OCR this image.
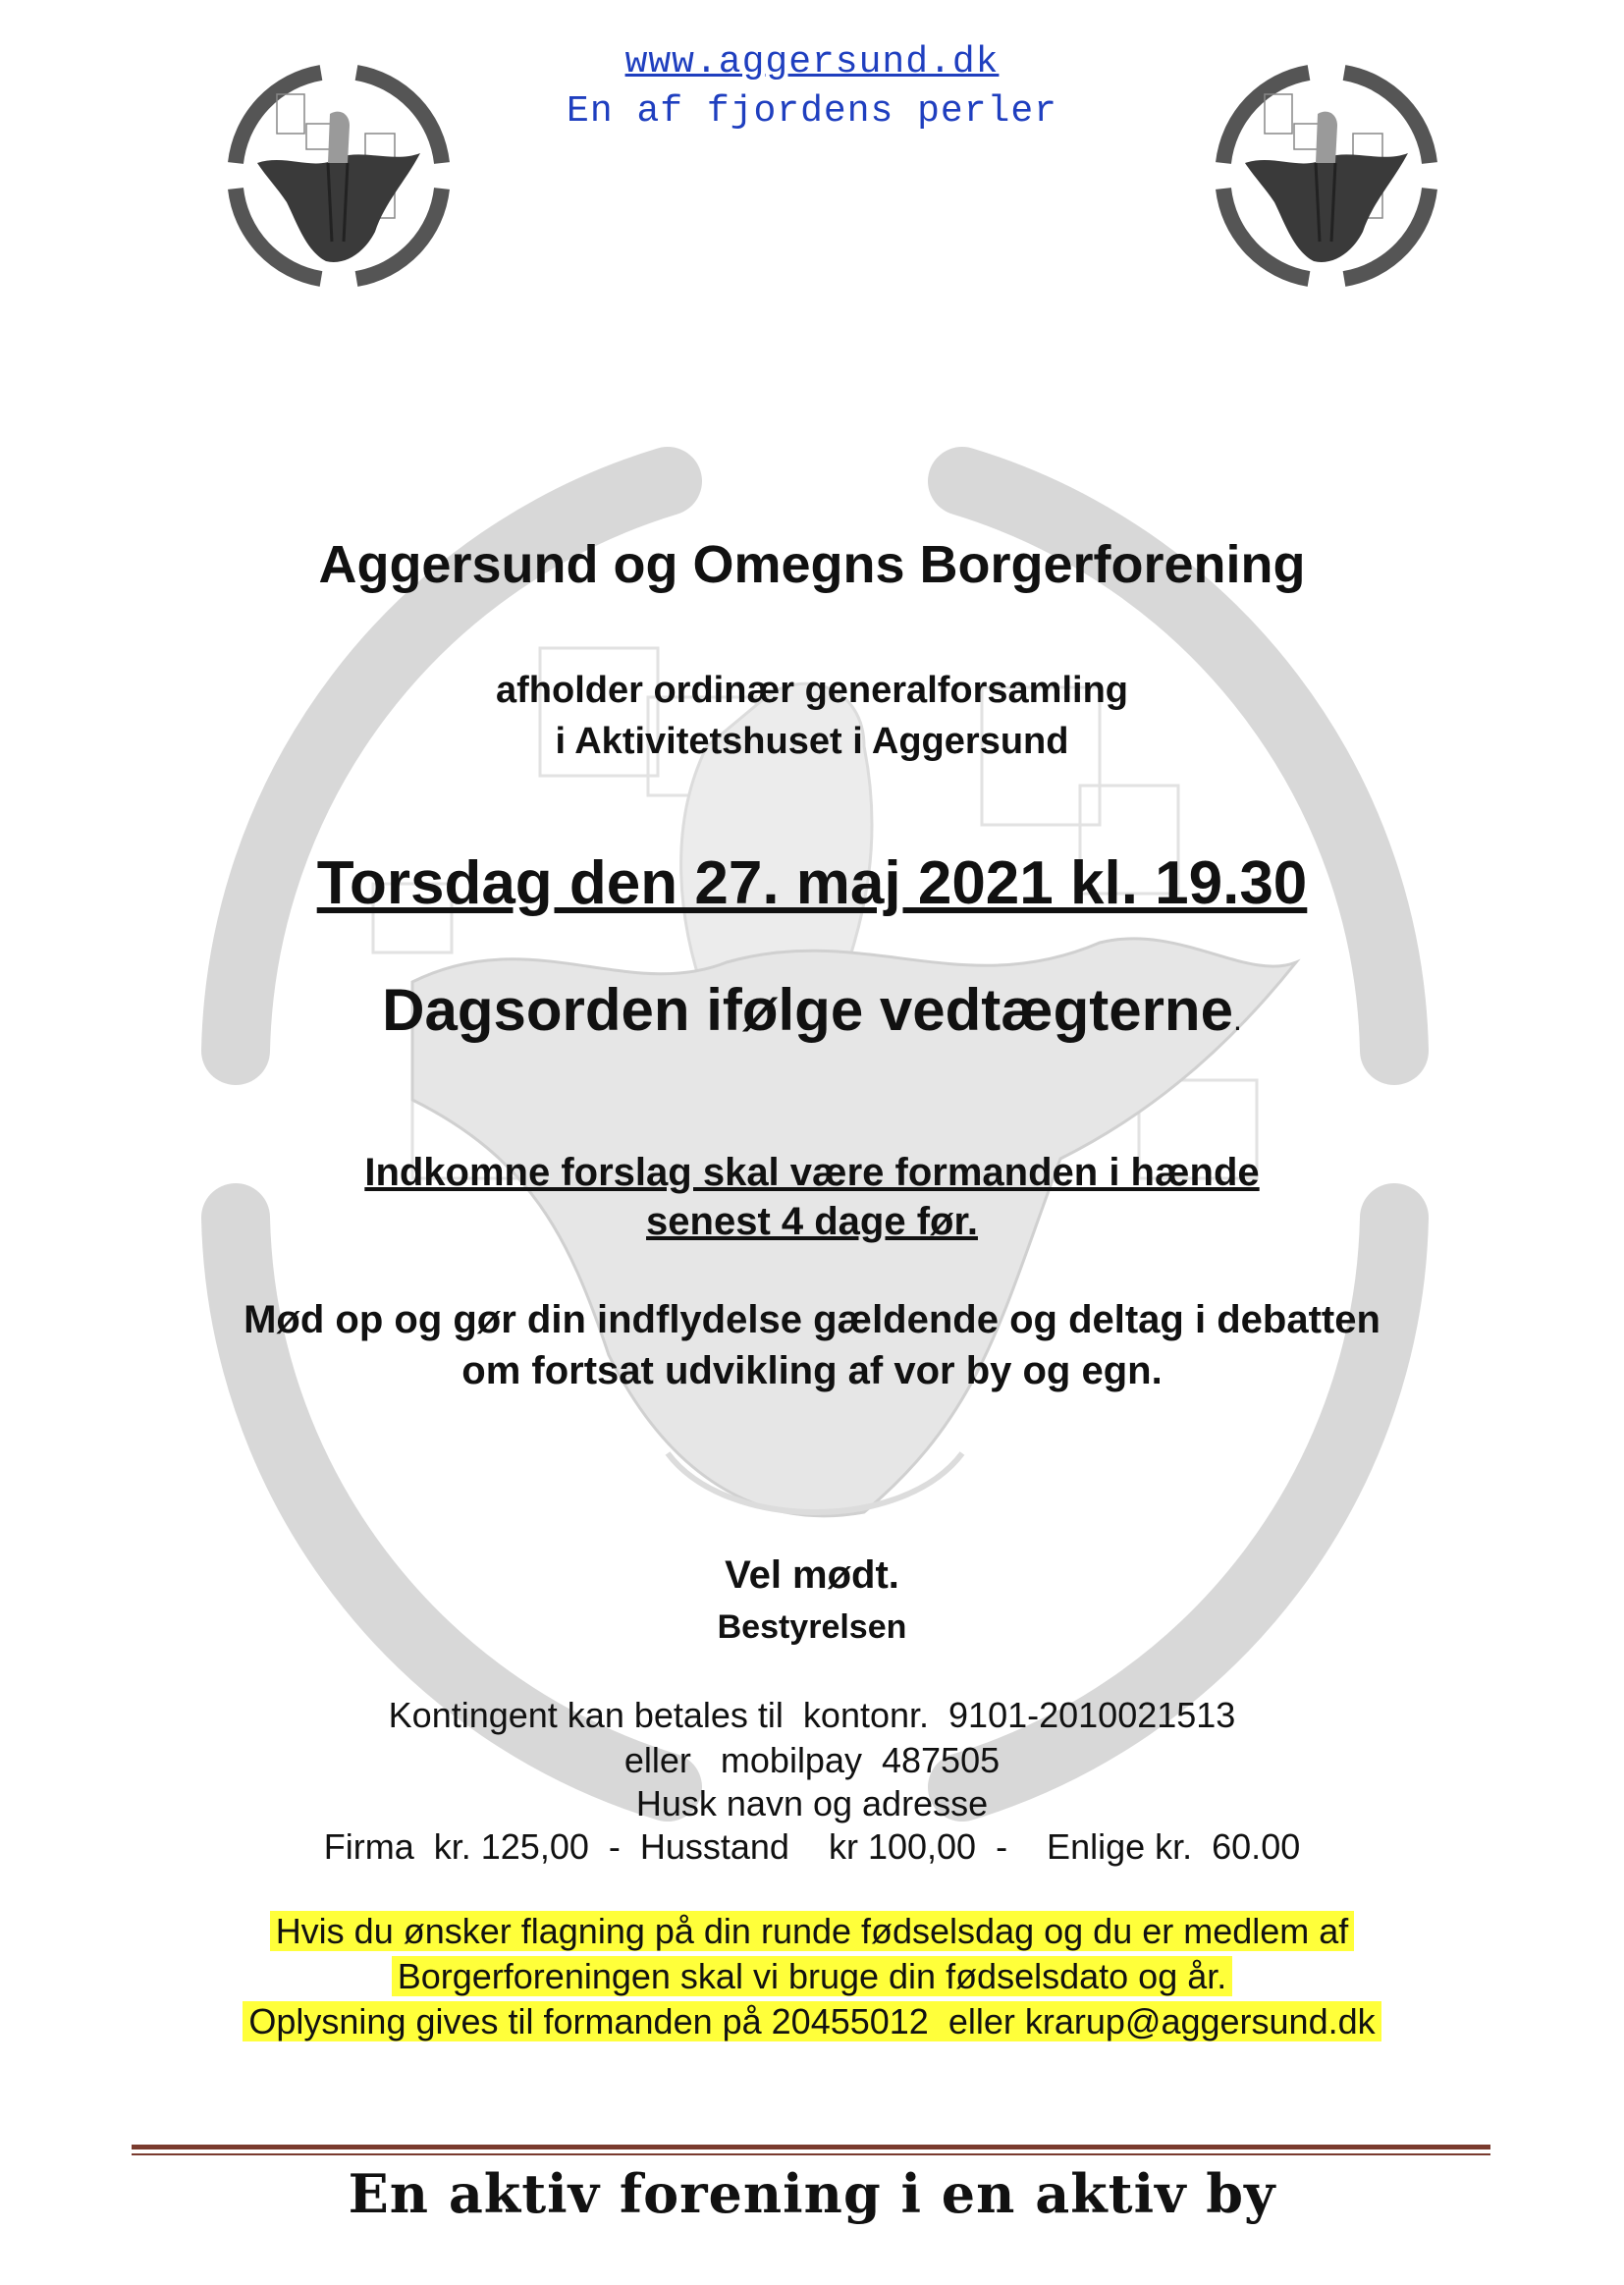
www.aggersund.dk
En af fjordens perler
Aggersund og Omegns Borgerforening
afholder ordinær generalforsamling
i Aktivitetshuset i Aggersund
Torsdag den 27. maj 2021 kl. 19.30
Dagsorden ifølge vedtægterne.
Indkomne forslag skal være formanden i hænde
senest 4 dage før.
Mød op og gør din indflydelse gældende og deltag i debatten
om fortsat udvikling af vor by og egn.
Vel mødt.
Bestyrelsen
Kontingent kan betales til  kontonr.  9101-2010021513
eller   mobilpay  487505
Husk navn og adresse
Firma  kr. 125,00  -  Husstand    kr 100,00  -    Enlige kr.  60.00
Hvis du ønsker flagning på din runde fødselsdag og du er medlem af
Borgerforeningen skal vi bruge din fødselsdato og år.
Oplysning gives til formanden på 20455012  eller krarup@aggersund.dk
En aktiv forening i en aktiv by
